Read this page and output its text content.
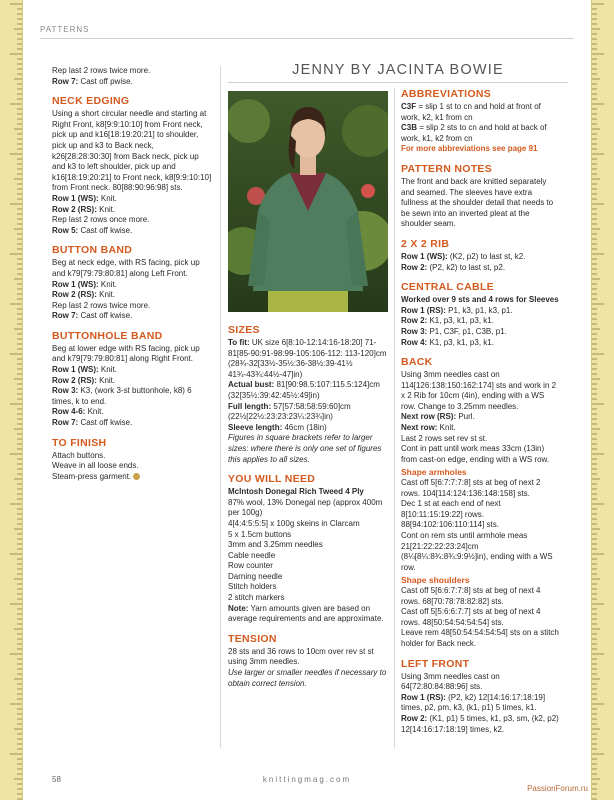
PATTERNS
JENNY BY JACINTA BOWIE

Rep last 2 rows twice more.

Row 7: Cast off pwise.

NECK EDGING

Using a short circular needle and starting at Right Front, k8[9:9:10:10] from Front neck, pick up and k16[18:19:20:21] to shoulder, pick up and k3 to Back neck, k26[28:28:30:30] from Back neck, pick up and k3 to left shoulder, pick up and k16[18:19:20:21] to Front neck, k8[9:9:10:10] from Front neck. 80[88:90:96:98] sts.

Row 1 (WS): Knit.

Row 2 (RS): Knit.

Rep last 2 rows once more.

Row 5: Cast off kwise.

BUTTON BAND

Beg at neck edge, with RS facing, pick up and k79[79:79:80:81] along Left Front.

Row 1 (WS): Knit.

Row 2 (RS): Knit.

Rep last 2 rows twice more.

Row 7: Cast off kwise.

BUTTONHOLE BAND

Beg at lower edge with RS facing, pick up and k79[79:79:80:81] along Right Front.

Row 1 (WS): Knit.

Row 2 (RS): Knit.

Row 3: K3, (work 3-st buttonhole, k8) 6 times, k to end.

Row 4-6: Knit.

Row 7: Cast off kwise.

TO FINISH

Attach buttons.

Weave in all loose ends.

Steam-press garment.

SIZES

To fit: UK size 6[8:10-12:14:16-18:20] 71-81[85-90:91-98:99-105:106-112: 113-120]cm (28¾-32[33½-35½:36-38½:39-41½ 41¾-43¾:44½-47]in)

Actual bust: 81[90:98.5:107:115.5:124]cm (32[35½:39:42:45½:49]in)

Full length: 57[57:58:58:59:60]cm (22½[22½:23:23:23¼:23¾]in)

Sleeve length: 46cm (18in)

Figures in square brackets refer to larger sizes: where there is only one set of figures this applies to all sizes.

YOU WILL NEED

McIntosh Donegal Rich Tweed 4 Ply

87% wool, 13% Donegal nep (approx 400m per 100g)

4[4:4:5:5:5] x 100g skeins in Clarcam

5 x 1.5cm buttons

3mm and 3.25mm needles

Cable needle

Row counter

Darning needle

Stitch holders

2 stitch markers

Note: Yarn amounts given are based on average requirements and are approximate.

TENSION

28 sts and 36 rows to 10cm over rev st st using 3mm needles.

Use larger or smaller needles if necessary to obtain correct tension.

ABBREVIATIONS

C3F = slip 1 st to cn and hold at front of work, k2, k1 from cn

C3B = slip 2 sts to cn and hold at back of work, k1, k2 from cn

For more abbreviations see page 91

PATTERN NOTES

The front and back are knitted separately and seamed. The sleeves have extra fullness at the shoulder detail that needs to be sewn into an inverted pleat at the shoulder seam.

2 X 2 RIB

Row 1 (WS): (K2, p2) to last st, k2.

Row 2: (P2, k2) to last st, p2.

CENTRAL CABLE

Worked over 9 sts and 4 rows for Sleeves

Row 1 (RS): P1, k3, p1, k3, p1.

Row 2: K1, p3, k1, p3, k1.

Row 3: P1, C3F, p1, C3B, p1.

Row 4: K1, p3, k1, p3, k1.

BACK

Using 3mm needles cast on 114[126:138:150:162:174] sts and work in 2 x 2 Rib for 10cm (4in), ending with a WS row. Change to 3.25mm needles.

Next row (RS): Purl.

Next row: Knit.

Last 2 rows set rev st st.

Cont in patt until work meas 33cm (13in) from cast-on edge, ending with a WS row.

Shape armholes

Cast off 5[6:7:7:7:8] sts at beg of next 2 rows. 104[114:124:136:148:158] sts.

Dec 1 st at each end of next 8[10:11:15:19:22] rows. 88[94:102:106:110:114] sts.

Cont on rem sts until armhole meas 21[21:22:22:23:24]cm (8¼[8¼:8¾:8¾:9:9½]in), ending with a WS row.

Shape shoulders

Cast off 5[6:6:7:7:8] sts at beg of next 4 rows. 68[70:78:78:82:82] sts.

Cast off 5[5:6:6:7:7] sts at beg of next 4 rows. 48[50:54:54:54:54] sts.

Leave rem 48[50:54:54:54:54] sts on a stitch holder for Back neck.

LEFT FRONT

Using 3mm needles cast on 64[72:80:84:88:96] sts.

Row 1 (RS): (P2, k2) 12[14:16:17:18:19] times, p2, pm, k3, (k1, p1) 5 times, k1.

Row 2: (K1, p1) 5 times, k1, p3, sm, (k2, p2) 12[14:16:17:18:19] times, k2.

58	knittingmag.com
PassionForum.ru
